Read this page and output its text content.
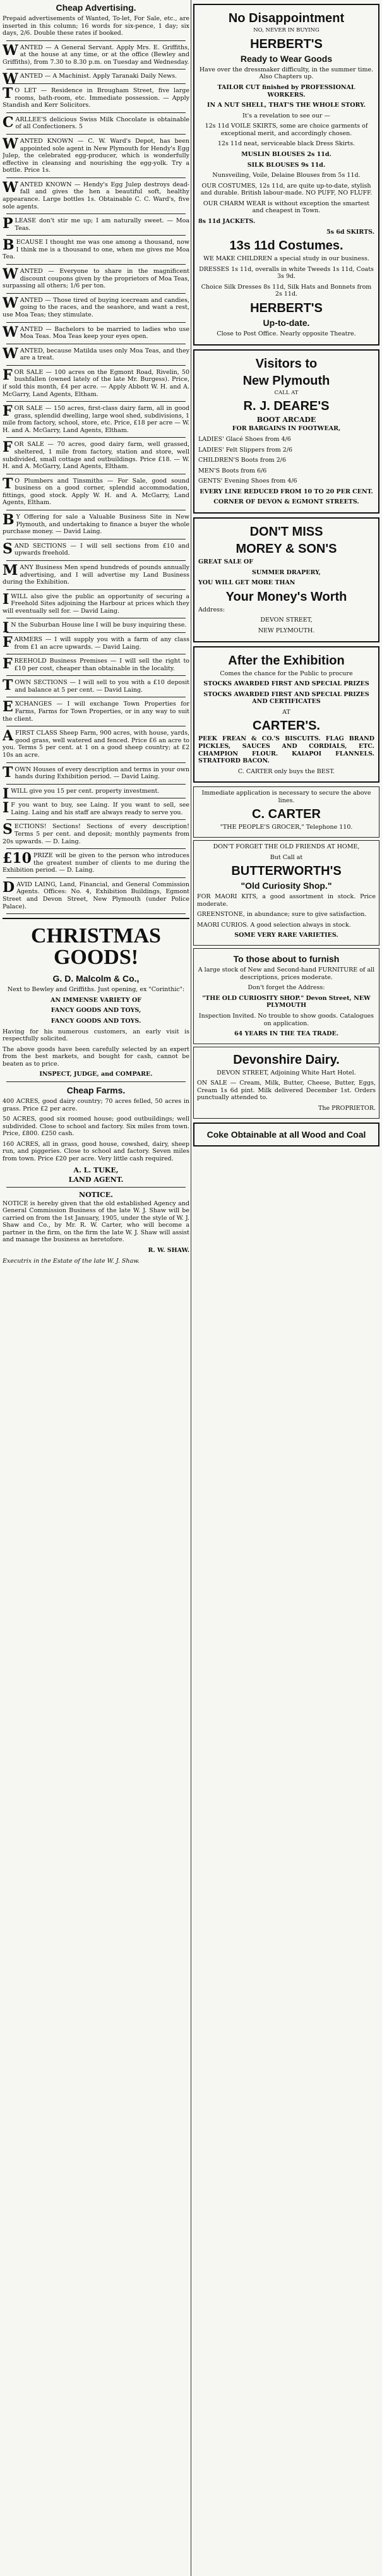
Cheap Advertising.
Prepaid advertisements of Wanted, To-let, For Sale, etc., are inserted in this column; 16 words for six-pence, 1 day; six days, 2/6. Double these rates if booked.
WANTED — A General Servant. Apply Mrs. E. Griffiths, at the house at any time, or at the office (Bewley and Griffiths), from 7.30 to 8.30 p.m. on Tuesday and Wednesday.
WANTED — A Machinist. Apply Taranaki Daily News.
T O LET — Residence in Brougham Street, five large rooms, bath-room, etc. Immediate possession. — Apply Standish and Kerr Solicitors.
CARLLEE'S delicious Swiss Milk Chocolate is obtainable of all Confectioners. 5
WANTED KNOWN — C. W. Ward's Depot, has been appointed sole agent in New Plymouth for Hendy's Egg Julep, the celebrated egg-producer, which is wonderfully effective in cleansing and nourishing the egg-yolk. Try a bottle. Price 1s.
WANTED KNOWN — Hendy's Egg Julep destroys dead-fall and gives the hen a beautiful soft, healthy appearance. Large bottles 1s. Obtainable C. C. Ward's, five sole agents.
PLEASE don't stir me up; I am naturally sweet. — Moa Teas.
BECAUSE I thought me was one among a thousand, now I think me is a thousand to one, when me gives me Moa Tea.
WANTED — Everyone to share in the magnificent discount coupons given by the proprietors of Moa Teas, surpassing all others; 1/6 per ton.
WANTED — Those tired of buying icecream and candies, going to the races, and the seashore, and want a rest, use Moa Teas; they stimulate.
WANTED — Bachelors to be married to ladies who use Moa Teas. Moa Teas keep your eyes open.
WANTED, because Matilda uses only Moa Teas, and they are a treat.
FOR SALE — 100 acres on the Egmont Road, Rivelin, 50 bushfallen (owned lately of the late Mr. Burgess). Price, if sold this month, £4 per acre. — Apply Abbott W. H. and A. McGarry, Land Agents, Eltham.
FOR SALE — 150 acres, first-class dairy farm, all in good grass, splendid dwelling, large wool shed, subdivisions, 1 mile from factory, school, store, etc. Price, £18 per acre — W. H. and A. McGarry, Land Agents, Eltham.
FOR SALE — 70 acres, good dairy farm, well grassed, sheltered, 1 mile from factory, station and store, well subdivided, small cottage and outbuildings. Price £18. — W. H. and A. McGarry, Land Agents, Eltham.
T O Plumbers and Tinsmiths — For Sale, good sound business on a good corner, splendid accommodation, fittings, good stock. Apply W. H. and A. McGarry, Land Agents, Eltham.
B Y Offering for sale a Valuable Business Site in New Plymouth, and undertaking to finance a buyer the whole purchase money. — David Laing.
SAND SECTIONS — I will sell sections from £10 and upwards freehold.
MANY Business Men spend hundreds of pounds annually advertising, and I will advertise my Land Business during the Exhibition.
IWILL also give the public an opportunity of securing a Freehold Sites adjoining the Harbour at prices which they will eventually sell for. — David Laing.
I N the Suburban House line I will be busy inquiring these.
FARMERS — I will supply you with a farm of any class from £1 an acre upwards. — David Laing.
FREEHOLD Business Premises — I will sell the right to £10 per cost, cheaper than obtainable in the locality.
TOWN SECTIONS — I will sell to you with a £10 deposit and balance at 5 per cent. — David Laing.
EXCHANGES — I will exchange Town Properties for Farms, Farms for Town Properties, or in any way to suit the client.
AFIRST CLASS Sheep Farm, 900 acres, with house, yards, good grass, well watered and fenced. Price £6 an acre to you. Terms 5 per cent. at 1 on a good sheep country; at £2 10s an acre.
TOWN Houses of every description and terms in your own hands during Exhibition period. — David Laing.
IWILL give you 15 per cent. property investment.
I F you want to buy, see Laing. If you want to sell, see Laing. Laing and his staff are always ready to serve you.
SECTIONS! Sections! Sections of every description! Terms 5 per cent. and deposit; monthly payments from 20s upwards. — D. Laing.
£10 PRIZE will be given to the person who introduces the greatest number of clients to me during the Exhibition period. — D. Laing.
DAVID LAING, Land, Financial, and General Commission Agents. Offices: No. 4, Exhibition Buildings, Egmont Street and Devon Street, New Plymouth (under Police Palace).
CHRISTMAS GOODS!
G. D. Malcolm & Co.,
Next to Bewley and Griffiths. Just opening, ex "Corinthic":
AN IMMENSE VARIETY OF
FANCY GOODS AND TOYS,
FANCY GOODS AND TOYS.
Having for his numerous customers, an early visit is respectfully solicited.
The above goods have been carefully selected by an expert from the best markets, and bought for cash, cannot be beaten as to price.
INSPECT, JUDGE, and COMPARE.
Cheap Farms.
400 ACRES, good dairy country; 70 acres felled, 50 acres in grass. Price £2 per acre.
50 ACRES, good six roomed house; good outbuildings; well subdivided. Close to school and factory. Six miles from town. Price, £800. £250 cash.
160 ACRES, all in grass, good house, cowshed, dairy, sheep run, and piggeries. Close to school and factory. Seven miles from town. Price £20 per acre. Very little cash required.
A. L. TUKE,
LAND AGENT.
NOTICE.
NOTICE is hereby given that the old established Agency and General Commission Business of the late W. J. Shaw will be carried on from the 1st January, 1905, under the style of W. J. Shaw and Co., by Mr. R. W. Carter, who will become a partner in the firm, on the firm the late W. J. Shaw will assist and manage the business as heretofore.
R. W. SHAW.
Executrix in the Estate of the late W. J. Shaw.
No Disappointment
NO, NEVER IN BUYING
HERBERT'S
Ready to Wear Goods
Have over the dressmaker difficulty, in the summer time. Also Chapters up.
TAILOR CUT finished by PROFESSIONAL WORKERS.
IN A NUT SHELL, THAT'S THE WHOLE STORY.
It's a revelation to see our —
12s 11d VOILE SKIRTS, some are choice garments of exceptional merit, and accordingly chosen.
12s 11d neat, serviceable black Dress Skirts.
MUSLIN BLOUSES 2s 11d.
SILK BLOUSES 9s 11d.
Nunsveiling, Voile, Delaine Blouses from 5s 11d.
OUR COSTUMES, 12s 11d, are quite up-to-date, stylish and durable. British labour-made. NO PUFF, NO FLUFF.
OUR CHARM WEAR is without exception the smartest and cheapest in Town.
8s 11d JACKETS.
5s 6d SKIRTS.
13s 11d Costumes.
WE MAKE CHILDREN a special study in our business.
DRESSES 1s 11d, overalls in white Tweeds 1s 11d, Coats 3s 9d.
Choice Silk Dresses 8s 11d, Silk Hats and Bonnets from 2s 11d.
HERBERT'S
Up-to-date.
Close to Post Office. Nearly opposite Theatre.
Visitors to
New Plymouth
CALL AT
R. J. DEARE'S
BOOT ARCADE
FOR BARGAINS IN FOOTWEAR,
LADIES' Glacé Shoes from 4/6
LADIES' Felt Slippers from 2/6
CHILDREN'S Boots from 2/6
MEN'S Boots from 6/6
GENTS' Evening Shoes from 4/6
EVERY LINE REDUCED FROM 10 TO 20 PER CENT.
CORNER OF DEVON & EGMONT STREETS.
DON'T MISS
MOREY & SON'S
GREAT SALE OF
SUMMER DRAPERY,
YOU WILL GET MORE THAN
Your Money's Worth
Address:
DEVON STREET,
NEW PLYMOUTH.
After the Exhibition
Comes the chance for the Public to procure
STOCKS AWARDED FIRST AND SPECIAL PRIZES
STOCKS AWARDED FIRST AND SPECIAL PRIZES AND CERTIFICATES
AT
CARTER'S.
PEEK FREAN & CO.'S BISCUITS. FLAG BRAND PICKLES, SAUCES AND CORDIALS, ETC. CHAMPION FLOUR. KAIAPOI FLANNELS. STRATFORD BACON.
C. CARTER only buys the BEST.
Immediate application is necessary to secure the above lines.
C. CARTER
"THE PEOPLE'S GROCER," Telephone 110.
DON'T FORGET THE OLD FRIENDS AT HOME,
But Call at
BUTTERWORTH'S
"Old Curiosity Shop."
FOR MAORI KITS, a good assortment in stock. Price moderate.
GREENSTONE, in abundance; sure to give satisfaction.
MAORI CURIOS. A good selection always in stock.
SOME VERY RARE VARIETIES.
To those about to furnish
A large stock of New and Second-hand FURNITURE of all descriptions, prices moderate.
Don't forget the Address:
"THE OLD CURIOSITY SHOP." Devon Street, NEW PLYMOUTH
Inspection Invited. No trouble to show goods. Catalogues on application.
64 YEARS IN THE TEA TRADE.
Devonshire Dairy.
DEVON STREET, Adjoining White Hart Hotel.
ON SALE — Cream, Milk, Butter, Cheese, Butter, Eggs, Cream 1s 6d pint. Milk delivered December 1st. Orders punctually attended to.
The PROPRIETOR.
Coke Obtainable at all Wood and Coal
